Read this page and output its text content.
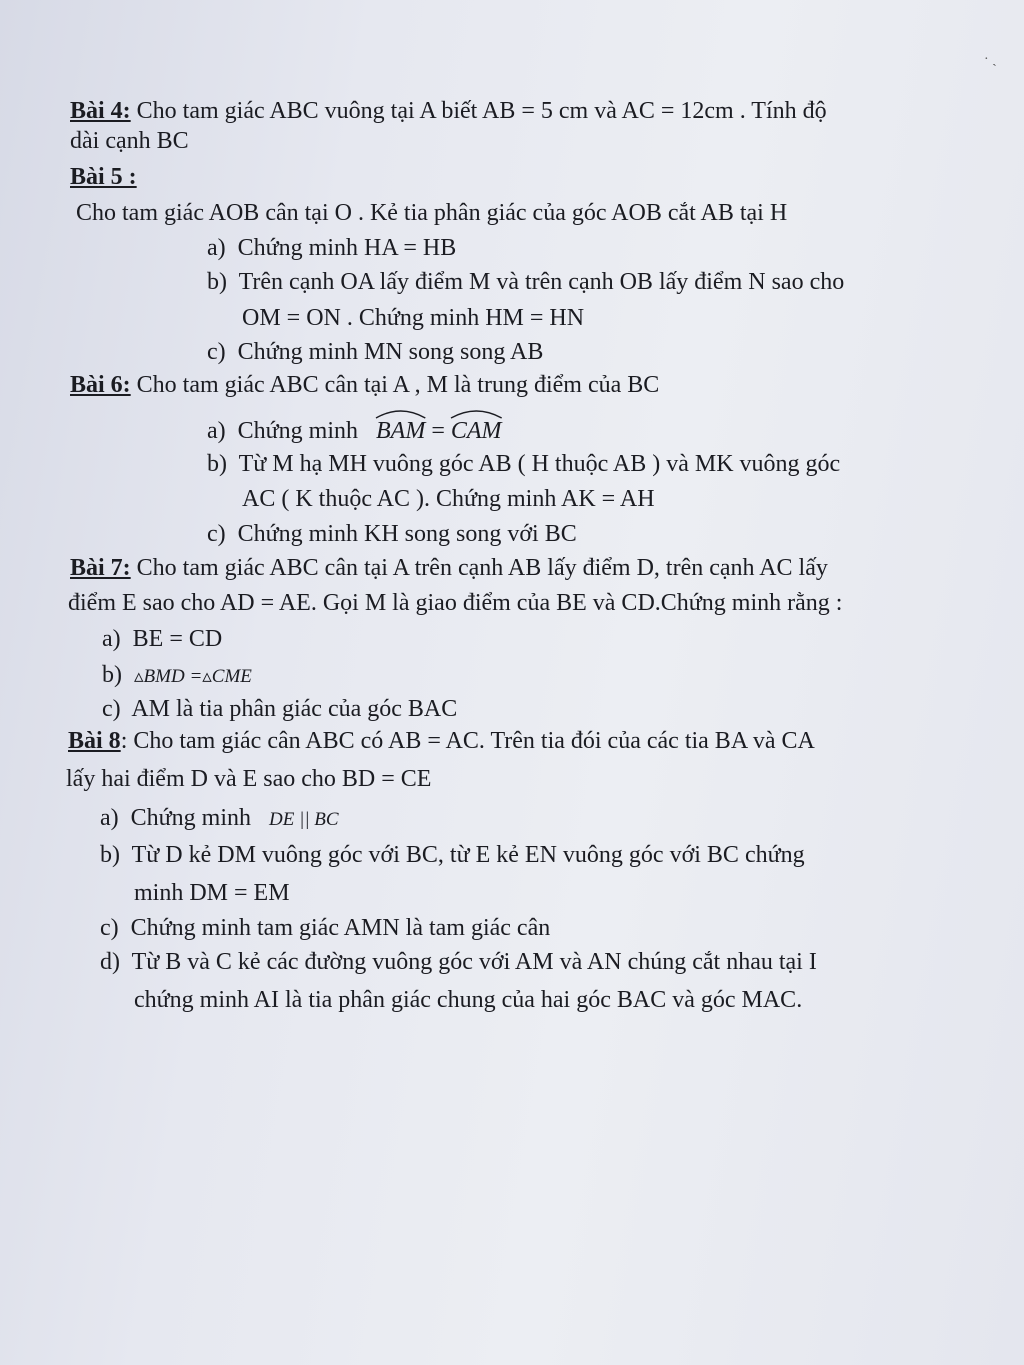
· ˎ
Bài 4: Cho tam giác ABC vuông tại A biết AB = 5 cm và AC = 12cm . Tính độ
dài cạnh BC
Bài 5 :
Cho tam giác AOB cân tại O . Kẻ tia phân giác của góc AOB cắt AB tại H
a) Chứng minh HA = HB
b) Trên cạnh OA lấy điểm M và trên cạnh OB lấy điểm N sao cho
OM = ON . Chứng minh HM = HN
c) Chứng minh MN song song AB
Bài 6: Cho tam giác ABC cân tại A , M là trung điểm của BC
a) Chứng minh
BAM =
CAM
b) Từ M hạ MH vuông góc AB ( H thuộc AB ) và MK vuông góc
AC ( K thuộc AC ). Chứng minh AK = AH
c) Chứng minh KH song song với BC
Bài 7: Cho tam giác ABC cân tại A trên cạnh AB lấy điểm D, trên cạnh AC lấy
điểm E sao cho AD = AE. Gọi M là giao điểm của BE và CD.Chứng minh rằng :
a) BE = CD
b) ▵BMD =▵CME
c) AM là tia phân giác của góc BAC
Bài 8: Cho tam giác cân ABC có AB = AC. Trên tia đói của các tia BA và CA
lấy hai điểm D và E sao cho BD = CE
a) Chứng minh   DE || BC
b) Từ D kẻ DM vuông góc với BC, từ E kẻ EN vuông góc với BC chứng
minh DM = EM
c) Chứng minh tam giác AMN là tam giác cân
d) Từ B và C kẻ các đường vuông góc với AM và AN chúng cắt nhau tại I
chứng minh AI là tia phân giác chung của hai góc BAC và góc MAC.
